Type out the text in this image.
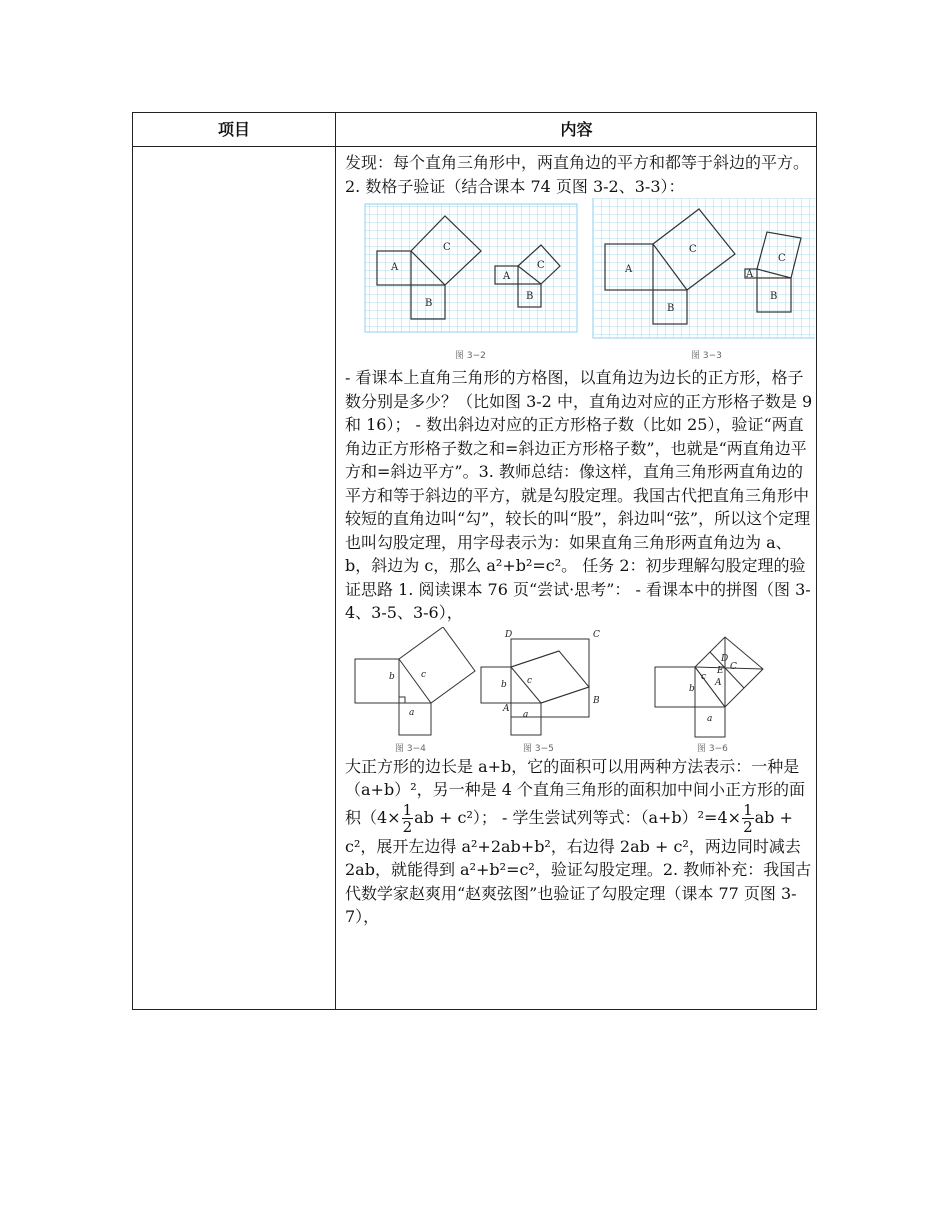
项目	内容

发现：每个直角三角形中，两直角边的平方和都等于斜边的平方。2. 数格子验证（结合课本 74 页图 3-2、3-3）：

A
B
C
A
B
C	A
B
C
A
B
C
图 3−2	图 3−3

- 看课本上直角三角形的方格图，以直角边为边长的正方形，格子数分别是多少？（比如图 3-2 中，直角边对应的正方形格子数是 9 和 16）； - 数出斜边对应的正方形格子数（比如 25），验证“两直角边正方形格子数之和=斜边正方形格子数”，也就是“两直角边平方和=斜边平方”。3. 教师总结：像这样，直角三角形两直角边的平方和等于斜边的平方，就是勾股定理。我国古代把直角三角形中较短的直角边叫“勾”，较长的叫“股”，斜边叫“弦”，所以这个定理也叫勾股定理，用字母表示为：如果直角三角形两直角边为 a、b，斜边为 c，那么 a²+b²=c²。 任务 2：初步理解勾股定理的验证思路 1. 阅读课本 76 页“尝试·思考”： - 看课本中的拼图（图 3-4、3-5、3-6），

b	c
a
D	C
B
A
b c
a
b
c
a
D
C
E
A
图 3−4	图 3−5	图 3−6

大正方形的边长是 a+b，它的面积可以用两种方法表示：一种是（a+b）²，另一种是 4 个直角三角形的面积加中间小正方形的面积（$4\times \frac{1}{2}$ ab + c²）； - 学生尝试列等式：$(a+b)^2=4\times \frac{1}{2}$ ab + c²，展开左边得 a²+2ab+b²，右边得 2ab + c²，两边同时减去 2ab，就能得到 a²+b²=c²，验证勾股定理。2. 教师补充：我国古代数学家赵爽用“赵爽弦图”也验证了勾股定理（课本 77 页图 3-7），
